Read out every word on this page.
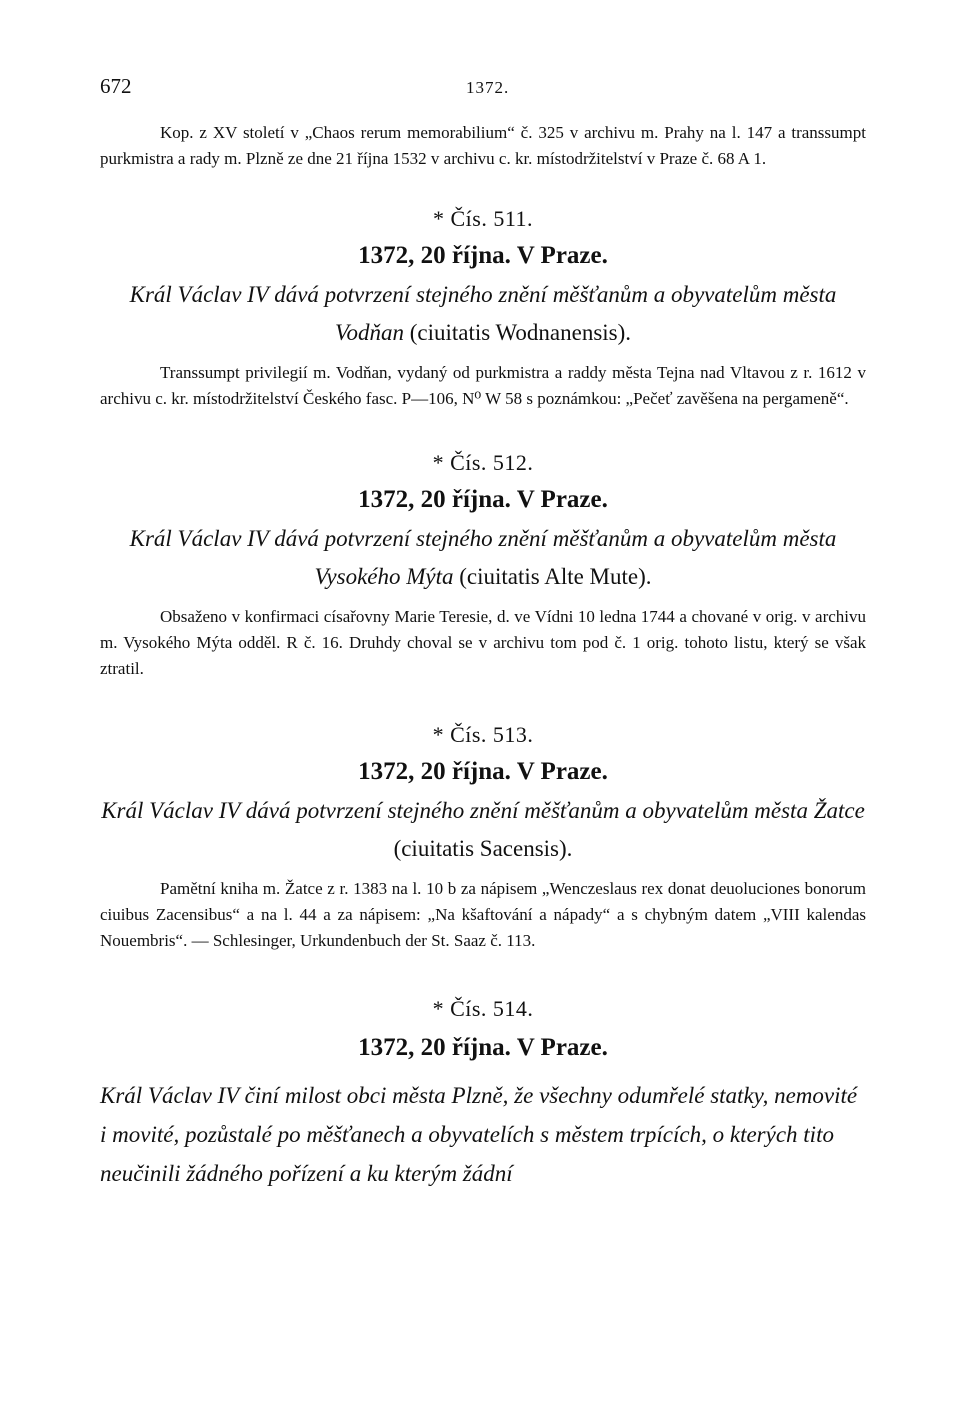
672	1372.

Kop. z XV století v „Chaos rerum memorabilium“ č. 325 v archivu m. Prahy na l. 147 a transsumpt purkmistra a rady m. Plzně ze dne 21 října 1532 v archivu c. kr. místodržitelství v Praze č. 68 A 1.

* Čís. 511.

1372, 20 října. V Praze.

Král Václav IV dává potvrzení stejného znění měšťanům a obyvatelům města Vodňan (ciuitatis Wodnanensis).

Transsumpt privilegií m. Vodňan, vydaný od purkmistra a raddy města Tejna nad Vltavou z r. 1612 v archivu c. kr. místodržitelství Českého fasc. P—106, N⁰ W 58 s poznámkou: „Pečeť zavěšena na pergameně“.

* Čís. 512.

1372, 20 října. V Praze.

Král Václav IV dává potvrzení stejného znění měšťanům a obyvatelům města Vysokého Mýta (ciuitatis Alte Mute).

Obsaženo v konfirmaci císařovny Marie Teresie, d. ve Vídni 10 ledna 1744 a chované v orig. v archivu m. Vysokého Mýta odděl. R č. 16. Druhdy choval se v archivu tom pod č. 1 orig. tohoto listu, který se však ztratil.

* Čís. 513.

1372, 20 října. V Praze.

Král Václav IV dává potvrzení stejného znění měšťanům a obyvatelům města Žatce (ciuitatis Sacensis).

Pamětní kniha m. Žatce z r. 1383 na l. 10 b za nápisem „Wenczeslaus rex donat deuoluciones bonorum ciuibus Zacensibus“ a na l. 44 a za nápisem: „Na kšaftování a nápady“ a s chybným datem „VIII kalendas Nouembris“. — Schlesinger, Urkundenbuch der St. Saaz č. 113.

* Čís. 514.

1372, 20 října. V Praze.

Král Václav IV činí milost obci města Plzně, že všechny odumřelé statky, nemovité i movité, pozůstalé po měšťanech a obyvatelích s městem trpících, o kterých tito neučinili žádného pořízení a ku kterým žádní
